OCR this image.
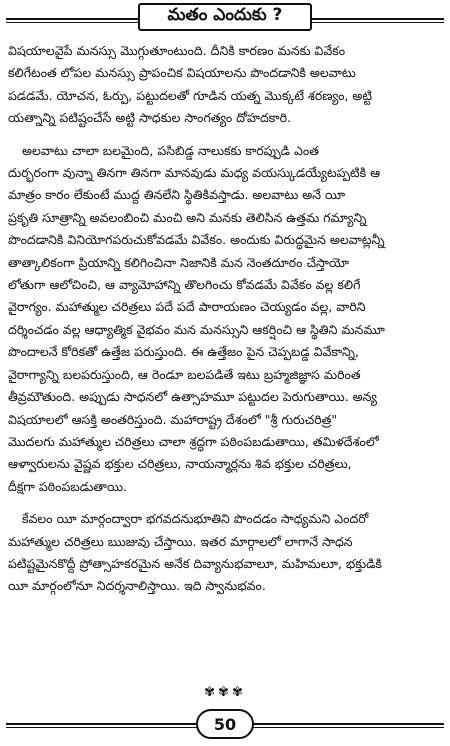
మతం ఎందుకు ?
విషయాలవైపే మనస్సు మొగ్గుతూంటుంది. దీనికి కారణం మనకు వివేకం
కలిగేటంత లోపల మనస్సు ప్రాపంచిక విషయాలను పొందడానికి అలవాటు
పడడమే. యోచన, ఓర్పు, పట్టుదలతో గూడిన యత్న మొక్కటే శరణ్యం, అట్టి
యత్నాన్ని పటిష్టంచేసే అట్టి సాధకుల సాంగత్యం దోహదకారి.
అలవాటు చాలా బలమైంది, పసిబిడ్డ నాలుకకు కారప్పుడి ఎంత
దుర్భరంగా వున్నా తినగా తినగా మానవుడు మధ్య వయస్కుడయ్యేటప్పటికి ఆ
మాత్రం కారం లేకుంటే ముద్ద తినలేని స్థితికివస్తాడు. అలవాటు అనే యీ
ప్రకృతి సూత్రాన్ని అవలంబించి మంచి అని మనకు తెలిసిన ఉత్తమ గమ్యాన్ని
పొందడానికి వినియోగపరుచుకోవడమే వివేకం. అందుకు విరుద్ధమైన అలవాట్లన్నీ
తాత్కాలికంగా ప్రియాన్ని కలిగించినా నిజానికి మన నెంతదూరం చేస్తాయో
లోతుగా ఆలోచించి, ఆ వ్యామోహాన్ని తొలగించు కోవడమే వివేకం వల్ల కలిగే
వైరాగ్యం. మహాత్ముల చరిత్రలు పదే పదే పారాయణం చెయ్యడం వల్ల, వారిని
దర్శించడం వల్ల ఆధ్యాత్మిక వైభవం మన మనస్సుని ఆకర్షించి ఆ స్థితిని మనమూ
పొందాలనే కోరికతో ఉత్తేజ పరుస్తుంది. ఈ ఉత్తేజం పైన చెప్పబడ్డ వివేకాన్ని,
వైరాగ్యాన్ని బలపరుస్తుంది, ఆ రెండూ బలపడితే ఇటు బ్రహ్మజిజ్ఞాస మరింత
తీవ్రమౌతుంది. అప్పుడు సాధనలో ఉత్సాహమూ పట్టుదల పెరుగుతాయి. అన్య
విషయాలలో ఆసక్తి అంతరిస్తుంది. మహారాష్ట్ర దేశంలో "శ్రీ గురుచరిత్ర"
మొదలగు మహాత్ముల చరిత్రలు చాలా శ్రద్ధగా పఠింపబడుతాయి, తమిళదేశంలో
ఆళ్వారులను వైష్ణవ భక్తుల చరిత్రలు, నాయన్మార్లను శివ భక్తుల చరిత్రలు,
దీక్షగా పఠింపబడుతాయి.
కేవలం యీ మార్గంద్వారా భగవదనుభూతిని పొందడం సాధ్యమని ఎందరో
మహాత్ముల చరిత్రలు ఋజువు చేస్తాయి. ఇతర మార్గాలలో లాగానే సాధన
పటిష్టమైనకొద్దీ ప్రోత్సాహకరమైన అనేక దివ్యానుభవాలూ, మహిమలూ, భక్తుడికి
యీ మార్గంలోనూ నిదర్శనాలిస్తాయి. ఇది స్వానుభవం.
✾✾✾
50
